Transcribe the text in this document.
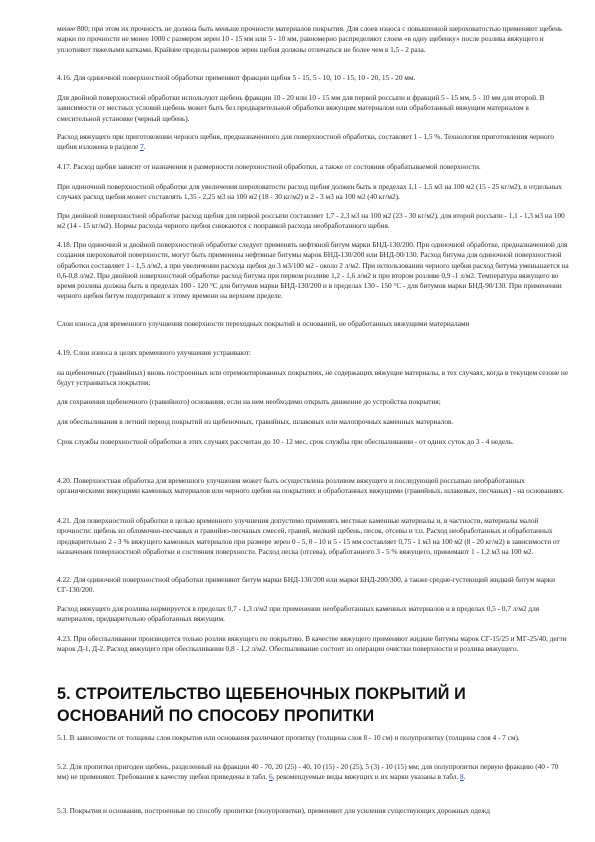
менее 800; при этом их прочность не должна быть меньше прочности материалов покрытия. Для слоев износа с повышенной шероховатостью применяют щебень марки по прочности не менее 1000 с размером зерен 10 - 15 мм или 5 - 10 мм, равномерно распределяют слоем «в одну щебенку» после розлива вяжущего и уплотняют тяжелыми катками. Крайние пределы размеров зерен щебня должны отличаться не более чем в 1,5 - 2 раза.

4.16. Для одиночной поверхностной обработки применяют фракции щебня 5 - 15, 5 - 10, 10 - 15, 10 - 20, 15 - 20 мм.

Для двойной поверхностной обработки используют щебень фракции 10 - 20 или 10 - 15 мм для первой россыпи и фракций 5 - 15 мм, 5 - 10 мм для второй. В зависимости от местных условий щебень может быть без предварительной обработки вяжущим материалом или обработанный вяжущим материалом в смесительной установке (черный щебень).

Расход вяжущего при приготовлении черного щебня, предназначенного для поверхностной обработки, составляет 1 - 1,5 %. Технология приготовления черного щебня изложена в разделе 7.

4.17. Расход щебня зависит от назначения и размерности поверхностной обработки, а также от состояния обрабатываемой поверхности.

При одиночной поверхностной обработке для увеличения шероховатости расход щебня должен быть в пределах 1,1 - 1,5 м3 на 100 м2 (15 - 25 кг/м2), в отдельных случаях расход щебня может составлять 1,35 - 2,25 м3 на 100 м2 (18 - 30 кг/м2) и 2 - 3 м3 на 100 м2 (40 кг/м2).

При двойной поверхностной обработке расход щебня для первой россыпи составляет 1,7 - 2,3 м3 на 100 м2 (23 - 30 кг/м2), для второй россыпи - 1,1 - 1,3 м3 на 100 м2 (14 - 15 кг/м2). Нормы расхода черного щебня снижаются с поправкой расхода необработанного щебня.

4.18. При одиночной и двойной поверхностной обработке следует применять нефтяной битум марки БНД-130/200. При одиночной обработке, предназначенной для создания шероховатой поверхности, могут быть применены нефтяные битумы марок БНД-130/200 или БНД-90/130. Расход битума для одиночной поверхностной обработки составляет 1 - 1,5 л/м2, а при увеличении расхода щебня до 3 м3/100 м2 - около 2 л/м2. При использовании черного щебня расход битума уменьшается на 0,6-0,8 л/м2. При двойной поверхностной обработке расход битума при первом розливе 1,2 - 1,6 л/м2 и при втором розливе 0,9 -1 л/м2. Температура вяжущего во время розлива должна быть в пределах 100 - 120 °С для битумов марки БНД-130/200 и в пределах 130 - 150 °С - для битумов марки БНД-90/130. При применении черного щебня битум подогревают к этому времени на верхнем пределе.

Слои износа для временного улучшения поверхности переходных покрытий и оснований, не обработанных вяжущими материалами

4.19. Слои износа в целях временного улучшения устраивают:

на щебеночных (гравийных) вновь построенных или отремонтированных покрытиях, не содержащих вяжущие материалы, в тех случаях, когда в текущем сезоне не будут устраиваться покрытия;

для сохранения щебеночного (гравийного) основания, если на нем необходимо открыть движение до устройства покрытия;

для обеспыливания в летний период покрытий из щебеночных, гравийных, шлаковых или малопрочных каменных материалов.

Срок службы поверхностной обработки в этих случаях рассчитан до 10 - 12 мес, срок службы при обеспыливании - от одних суток до 3 - 4 недель.

4.20. Поверхностная обработка для временного улучшения может быть осуществлена розливом вяжущего и последующей россыпью необработанных органическими вяжущими каменных материалов или черного щебня на покрытиях и обработанных вяжущими (гравийных, шлаковых, песчаных) - на основаниях.

4.21. Для поверхностной обработки в целью временного улучшения допустимо применять местные каменные материалы и, в частности, материалы малой прочности: щебень из обломочно-песчаных и гравийно-песчаных смесей, гравий, мелкий щебень, песок, отсевы и т.п. Расход необработанных и обработанных предварительно 2 - 3 % вяжущего каменных материалов при размере зерен 0 - 5, 0 - 10 и 5 - 15 мм составляет 0,75 - 1 м3 на 100 м2 (8 - 20 кг/м2) в зависимости от назначения поверхностной обработки и состояния поверхности. Расход песка (отсева), обработанного 3 - 5 % вяжущего, принимают 1 - 1,2 м3 на 100 м2.

4.22. Для одиночной поверхностной обработки применяют битум марки БНД-130/200 или марки БНД-200/300, а также средне-густеющий жидкий битум марки СГ-130/200.

Расход вяжущего для розлива нормируется в пределах 0,7 - 1,3 л/м2 при применении необработанных каменных материалов и в пределах 0,5 - 0,7 л/м2 для материалов, предварительно обработанных вяжущим.

4.23. При обеспыливании производится только розлив вяжущего по покрытию. В качестве вяжущего применяют жидкие битумы марок СГ-15/25 и МГ-25/40, дегти марок Д-1, Д-2. Расход вяжущего при обеспыливании 0,8 - 1,2 л/м2. Обеспыливание состоит из операции очистки поверхности и розлива вяжущего.

5. СТРОИТЕЛЬСТВО ЩЕБЕНОЧНЫХ ПОКРЫТИЙ И
ОСНОВАНИЙ ПО СПОСОБУ ПРОПИТКИ

5.1. В зависимости от толщины слоя покрытия или основания различают пропитку (толщина слоя 8 - 10 см) и полупропитку (толщина слоя 4 - 7 см).

5.2. Для пропитки пригоден щебень, разделенный на фракции 40 - 70, 20 (25) - 40, 10 (15) - 20 (25), 5 (3) - 10 (15) мм; для полупропитки первую фракцию (40 - 70 мм) не применяют. Требования к качеству щебня приведены в табл. 6, рекомендуемые виды вяжущих и их марки указаны в табл. 8.

5.3. Покрытия и основания, построенные по способу пропитки (полупропитки), применяют для усиления существующих дорожных одежд
